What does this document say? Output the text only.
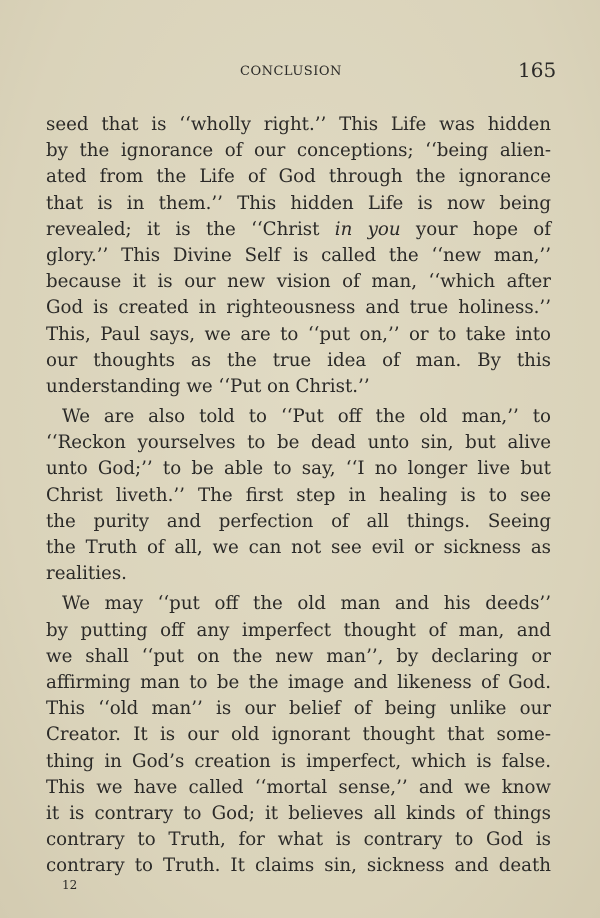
CONCLUSION	165
seed that is ‘‘wholly right.’’ This Life was hidden
by the ignorance of our conceptions; ‘‘being alien-
ated from the Life of God through the ignorance
that is in them.’’ This hidden Life is now being
revealed; it is the ‘‘Christ in you your hope of
glory.’’ This Divine Self is called the ‘‘new man,’’
because it is our new vision of man, ‘‘which after
God is created in righteousness and true holiness.’’
This, Paul says, we are to ‘‘put on,’’ or to take into
our thoughts as the true idea of man. By this
understanding we ‘‘Put on Christ.’’
We are also told to ‘‘Put off the old man,’’ to
‘‘Reckon yourselves to be dead unto sin, but alive
unto God;’’ to be able to say, ‘‘I no longer live but
Christ liveth.’’ The first step in healing is to see
the purity and perfection of all things. Seeing
the Truth of all, we can not see evil or sickness as
realities.
We may ‘‘put off the old man and his deeds’’
by putting off any imperfect thought of man, and
we shall ‘‘put on the new man’’, by declaring or
affirming man to be the image and likeness of God.
This ‘‘old man’’ is our belief of being unlike our
Creator. It is our old ignorant thought that some-
thing in God’s creation is imperfect, which is false.
This we have called ‘‘mortal sense,’’ and we know
it is contrary to God; it believes all kinds of things
contrary to Truth, for what is contrary to God is
contrary to Truth. It claims sin, sickness and death
12
